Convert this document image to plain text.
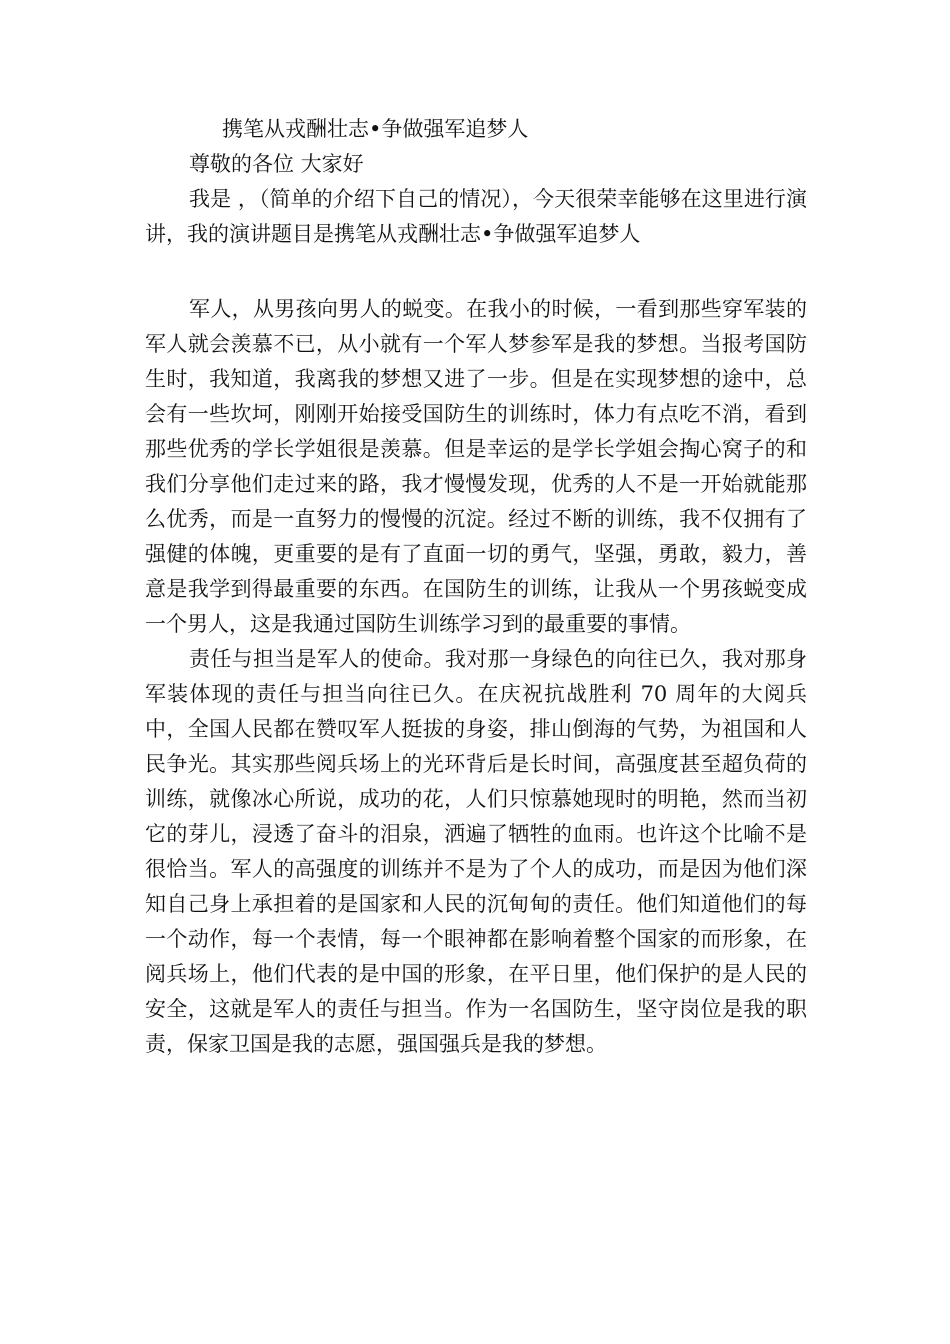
携笔从戎酬壮志•争做强军追梦人

尊敬的各位 大家好

我是 ，（简单的介绍下自己的情况），今天很荣幸能够在这里进行演讲，我的演讲题目是携笔从戎酬壮志•争做强军追梦人

军人，从男孩向男人的蜕变。在我小的时候，一看到那些穿军装的军人就会羡慕不已，从小就有一个军人梦参军是我的梦想。当报考国防生时，我知道，我离我的梦想又进了一步。但是在实现梦想的途中，总会有一些坎坷，刚刚开始接受国防生的训练时，体力有点吃不消，看到那些优秀的学长学姐很是羡慕。但是幸运的是学长学姐会掏心窝子的和我们分享他们走过来的路，我才慢慢发现，优秀的人不是一开始就能那么优秀，而是一直努力的慢慢的沉淀。经过不断的训练，我不仅拥有了强健的体魄，更重要的是有了直面一切的勇气，坚强，勇敢，毅力，善意是我学到得最重要的东西。在国防生的训练，让我从一个男孩蜕变成一个男人，这是我通过国防生训练学习到的最重要的事情。

责任与担当是军人的使命。我对那一身绿色的向往已久，我对那身军装体现的责任与担当向往已久。在庆祝抗战胜利 70 周年的大阅兵中，全国人民都在赞叹军人挺拔的身姿，排山倒海的气势，为祖国和人民争光。其实那些阅兵场上的光环背后是长时间，高强度甚至超负荷的训练，就像冰心所说，成功的花，人们只惊慕她现时的明艳，然而当初它的芽儿，浸透了奋斗的泪泉，洒遍了牺牲的血雨。也许这个比喻不是很恰当。军人的高强度的训练并不是为了个人的成功，而是因为他们深知自己身上承担着的是国家和人民的沉甸甸的责任。他们知道他们的每一个动作，每一个表情，每一个眼神都在影响着整个国家的而形象，在阅兵场上，他们代表的是中国的形象，在平日里，他们保护的是人民的安全，这就是军人的责任与担当。作为一名国防生，坚守岗位是我的职责，保家卫国是我的志愿，强国强兵是我的梦想。
